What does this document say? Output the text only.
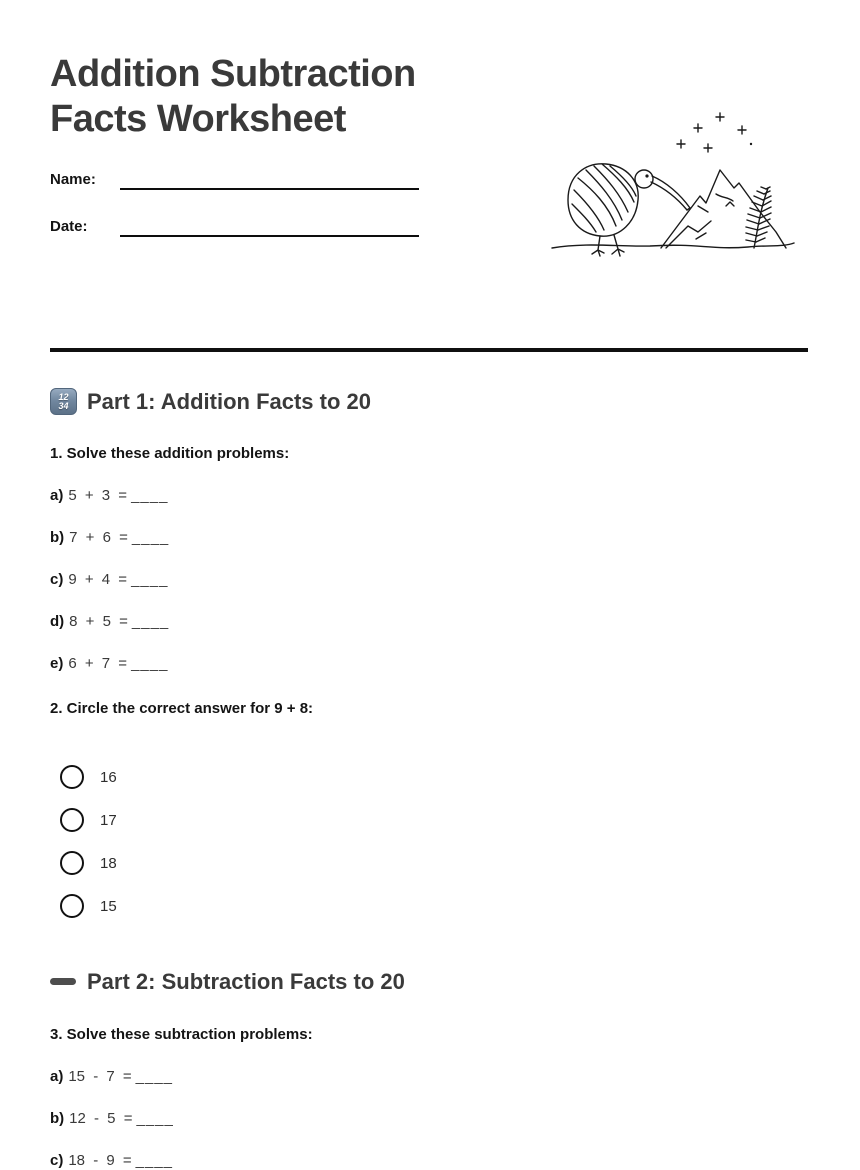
Addition Subtraction Facts Worksheet
Name:
Date:
12
34 Part 1: Addition Facts to 20
1. Solve these addition problems:
a) 5 + 3 = ____
b) 7 + 6 = ____
c) 9 + 4 = ____
d) 8 + 5 = ____
e) 6 + 7 = ____
2. Circle the correct answer for 9 + 8:
16
17
18
15
Part 2: Subtraction Facts to 20
3. Solve these subtraction problems:
a) 15 - 7 = ____
b) 12 - 5 = ____
c) 18 - 9 = ____
